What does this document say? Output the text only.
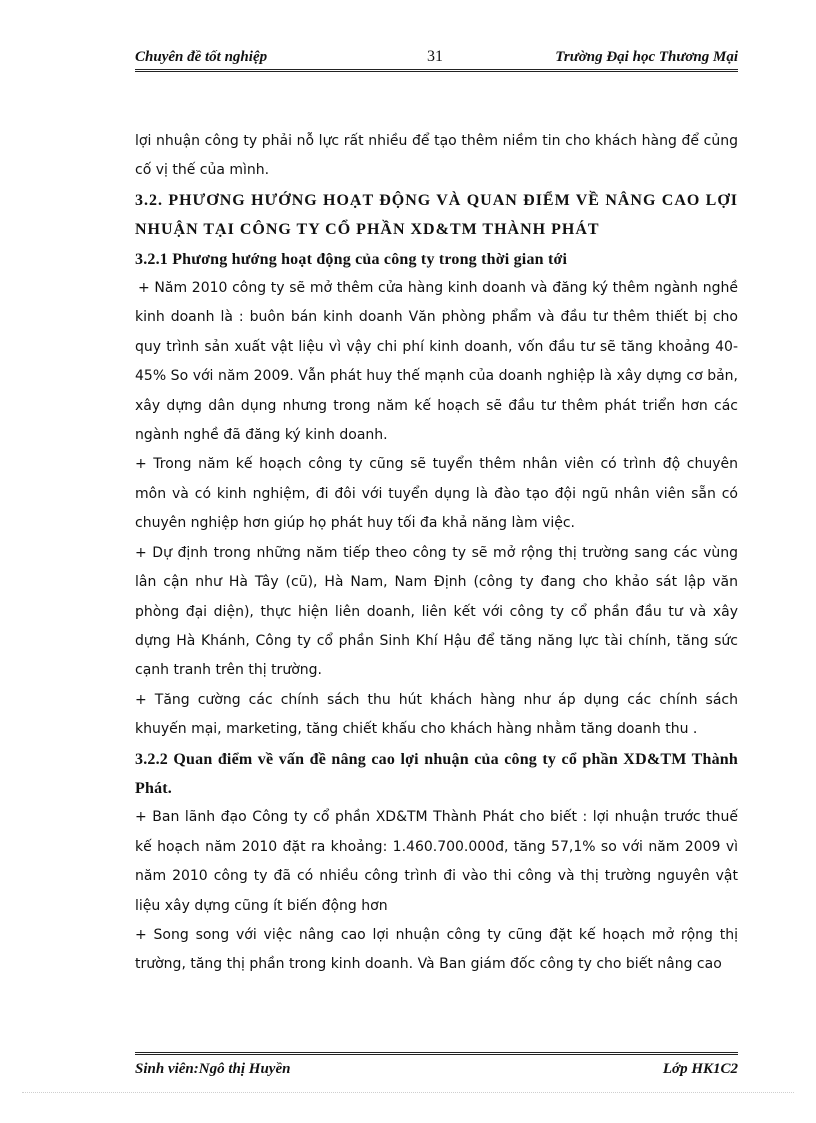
Chuyên đề tốt nghiệp	31	Trường Đại học Thương Mại
lợi nhuận công ty phải nỗ lực rất nhiều để tạo thêm niềm tin cho khách hàng để củng cố vị thế của mình.
3.2. PHƯƠNG HƯỚNG HOẠT ĐỘNG VÀ QUAN ĐIỂM VỀ NÂNG CAO LỢI NHUẬN TẠI CÔNG TY CỔ PHẦN XD&TM THÀNH PHÁT
3.2.1 Phương hướng hoạt động của công ty trong thời gian tới
+ Năm 2010 công ty sẽ mở thêm cửa hàng kinh doanh và đăng ký thêm ngành nghề kinh doanh là : buôn bán kinh doanh Văn phòng phẩm và đầu tư thêm thiết bị cho quy trình sản xuất vật liệu vì vậy chi phí kinh doanh, vốn đầu tư sẽ tăng khoảng 40-45% So với năm 2009. Vẫn phát huy thế mạnh của doanh nghiệp là xây dựng cơ bản, xây dựng dân dụng nhưng trong năm kế hoạch sẽ đầu tư thêm phát triển hơn các ngành nghề đã đăng ký kinh doanh.
+ Trong năm kế hoạch công ty cũng sẽ tuyển thêm nhân viên có trình độ chuyên môn và có kinh nghiệm, đi đôi với tuyển dụng là đào tạo đội ngũ nhân viên sẵn có chuyên nghiệp hơn giúp họ phát huy tối đa khả năng làm việc.
+ Dự định trong những năm tiếp theo công ty sẽ mở rộng thị trường sang các vùng lân cận như Hà Tây (cũ), Hà Nam, Nam Định (công ty đang cho khảo sát lập văn phòng đại diện), thực hiện liên doanh, liên kết với công ty cổ phần đầu tư và xây dựng Hà Khánh, Công ty cổ phần Sinh Khí Hậu để tăng năng lực tài chính, tăng sức cạnh tranh trên thị trường.
+ Tăng cường các chính sách thu hút khách hàng như áp dụng các chính sách khuyến mại, marketing, tăng chiết khấu cho khách hàng nhằm tăng doanh thu .
3.2.2 Quan điểm về vấn đề nâng cao lợi nhuận của công ty cổ phần XD&TM Thành Phát.
+ Ban lãnh đạo Công ty cổ phần XD&TM Thành Phát cho biết : lợi nhuận trước thuế kế hoạch năm 2010 đặt ra khoảng: 1.460.700.000đ, tăng 57,1% so với năm 2009 vì năm 2010 công ty đã có nhiều công trình đi vào thi công và thị trường nguyên vật liệu xây dựng cũng ít biến động hơn
+ Song song với việc nâng cao lợi nhuận công ty cũng đặt kế hoạch mở rộng thị trường, tăng thị phần trong kinh doanh. Và Ban giám đốc công ty cho biết nâng cao
Sinh viên:Ngô thị Huyền	Lớp HK1C2
